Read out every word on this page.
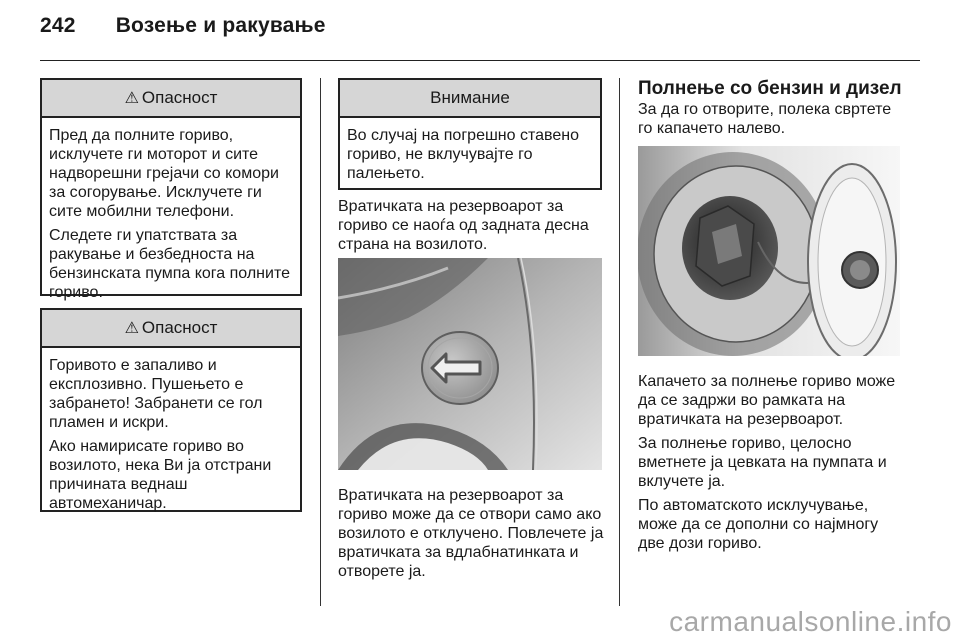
242 Возење и ракување
⚠ Опасност

Пред да полните гориво, исклучете ги моторот и сите надворешни грејачи со комори за согорување. Исклучете ги сите мобилни телефони.

Следете ги упатствата за ракување и безбедноста на бензинската пумпа кога полните гориво.

⚠ Опасност

Горивото е запаливо и експлозивно. Пушењето е забрането! Забранети се гол пламен и искри.

Ако намирисате гориво во возилото, нека Ви ја отстрани причината веднаш автомеханичар.

Внимание

Во случај на погрешно ставено гориво, не вклучувајте го палењето.

Вратичката на резервоарот за гориво се наоѓа од задната десна страна на возилото.

Вратичката на резервоарот за гориво може да се отвори само ако возилото е отклучено. Повлечете ја вратичката за вдлабнатинката и отворете ја.

Полнење со бензин и дизел

За да го отворите, полека свртете го капачето налево.

Капачето за полнење гориво може да се задржи во рамката на вратичката на резервоарот.

За полнење гориво, целосно вметнете ја цевката на пумпата и вклучете ја.

По автоматското исклучување, може да се дополни со најмногу две дози гориво.

carmanualsonline.info
